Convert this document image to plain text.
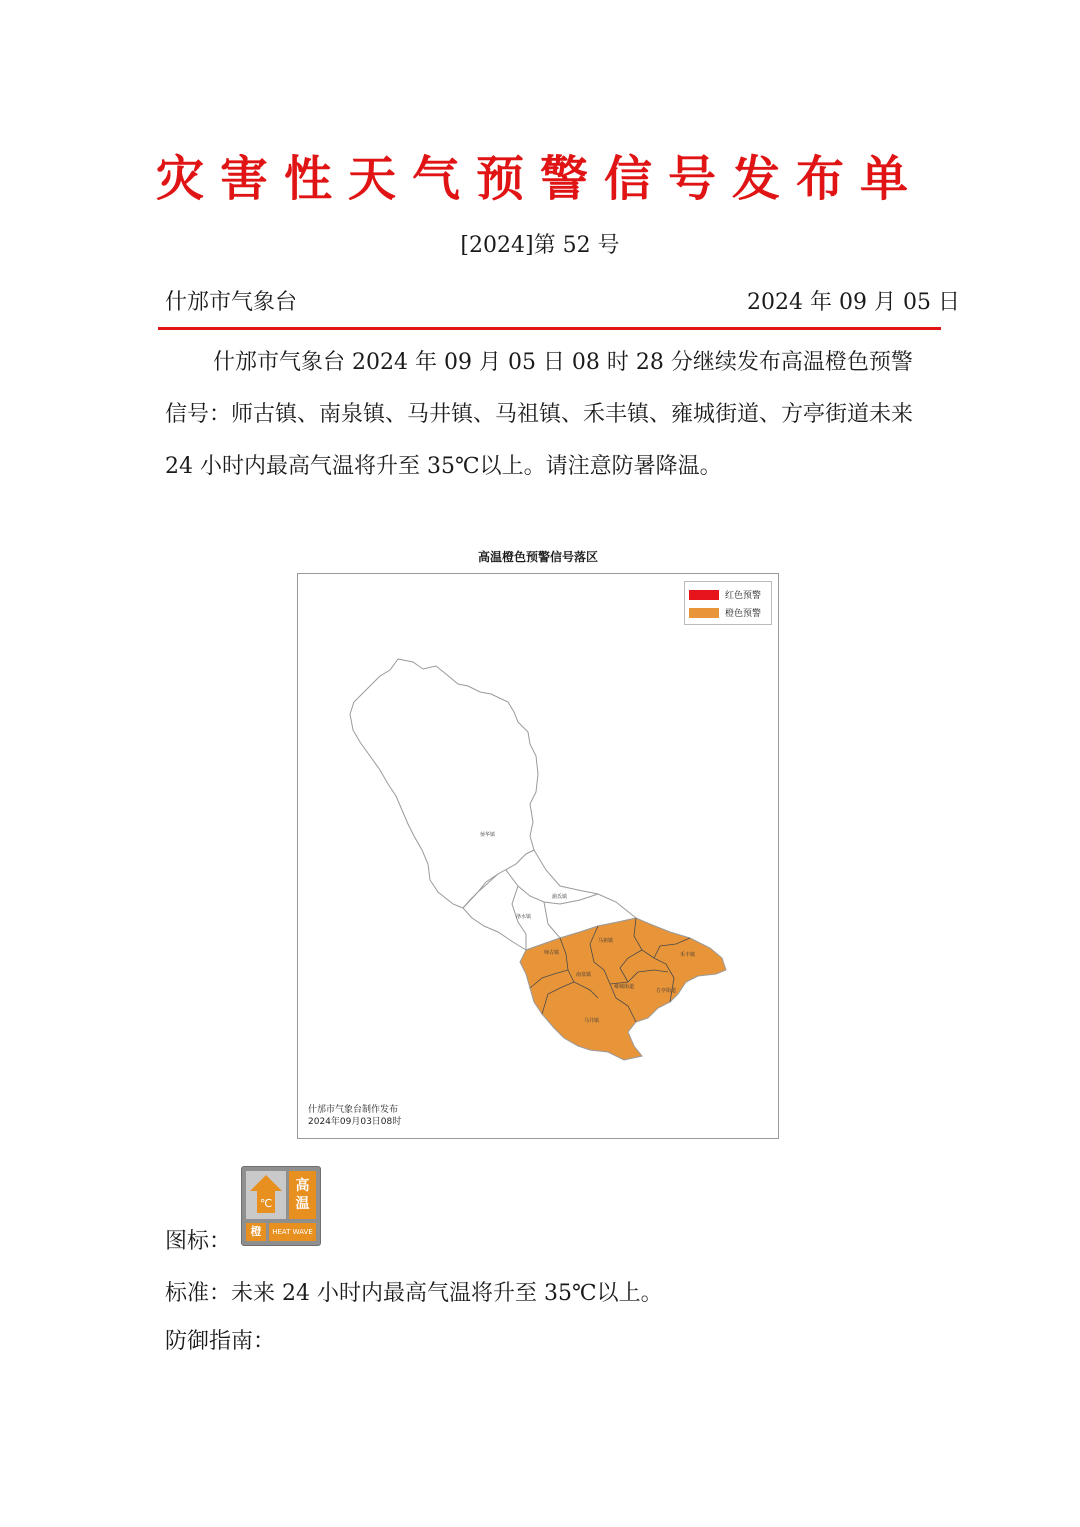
灾害性天气预警信号发布单
[2024]第 52 号
什邡市气象台	2024 年 09 月 05 日

什邡市气象台 2024 年 09 月 05 日 08 时 28 分继续发布高温橙色预警信号：师古镇、南泉镇、马井镇、马祖镇、禾丰镇、雍城街道、方亭街道未来 24 小时内最高气温将升至 35℃以上。请注意防暑降温。

高温橙色预警信号落区
蓥华镇
湔氐镇
洛水镇
师古镇
马祖镇
禾丰镇
南泉镇
雍城街道
方亭街道
马井镇
红色预警
橙色预警
什邡市气象台制作发布
2024年09月03日08时
图标：
℃
高
温
橙	HEAT WAVE
标准：未来 24 小时内最高气温将升至 35℃以上。
防御指南：
